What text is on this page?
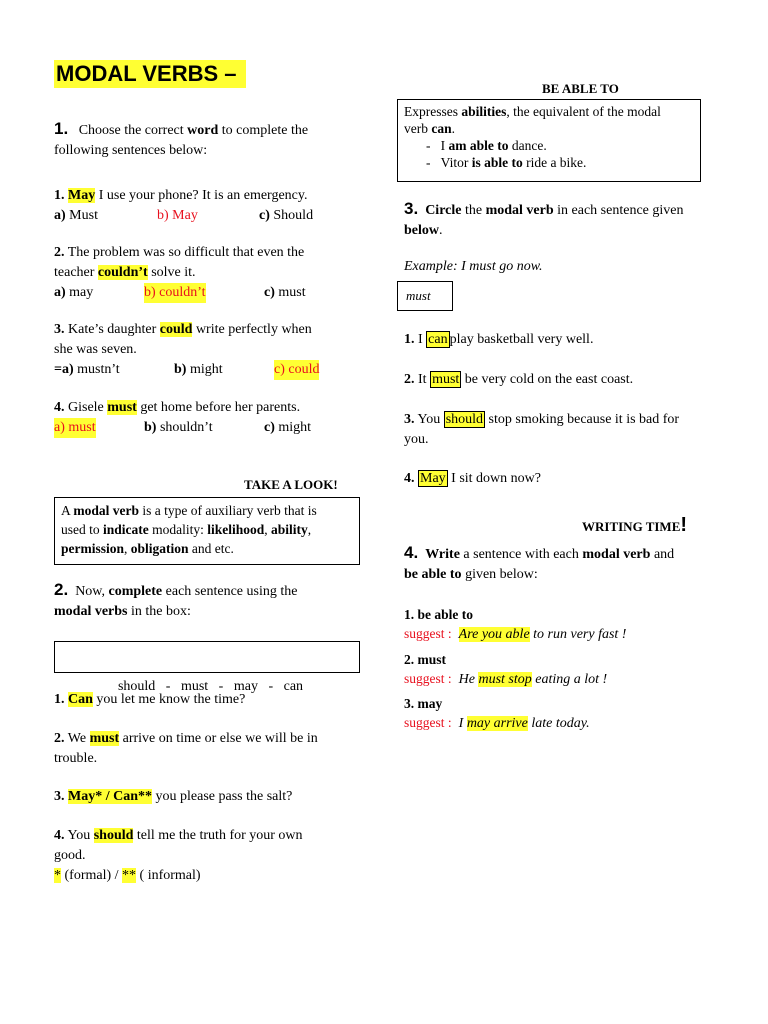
MODAL VERBS –
1. Choose the correct word to complete the
following sentences below:
1. May I use your phone? It is an emergency.
a) Must	b) May	c) Should
2. The problem was so difficult that even the
teacher couldn’t solve it.
a) may	b) couldn’t	c) must
3. Kate’s daughter could write perfectly when
she was seven.
=a) mustn’t	b) might	c) could
4. Gisele must get home before her parents.
a) must	b) shouldn’t	c) might
TAKE A LOOK!
A modal verb is a type of auxiliary verb that is
used to indicate modality: likelihood, ability,
permission, obligation and etc.
2. Now, complete each sentence using the
modal verbs in the box:

should   -   must   -   may   -   can

1. Can you let me know the time?
2. We must arrive on time or else we will be in
trouble.
3. May* / Can** you please pass the salt?
4. You should tell me the truth for your own
good.
* (formal) / ** ( informal)
BE ABLE TO
Expresses abilities, the equivalent of the modal
verb can.

- I am able to dance.
- Vitor is able to ride a bike.
3. Circle the modal verb in each sentence given
below.
Example: I must go now.
must
1. I can play basketball very well.
2. It must be very cold on the east coast.
3. You should stop smoking because it is bad for
you.
4. May I sit down now?
WRITING TIME!
4. Write a sentence with each modal verb and
be able to given below:
1. be able to
suggest : Are you able to run very fast !
2. must
suggest : He must stop eating a lot !
3. may
suggest : I may arrive late today.
